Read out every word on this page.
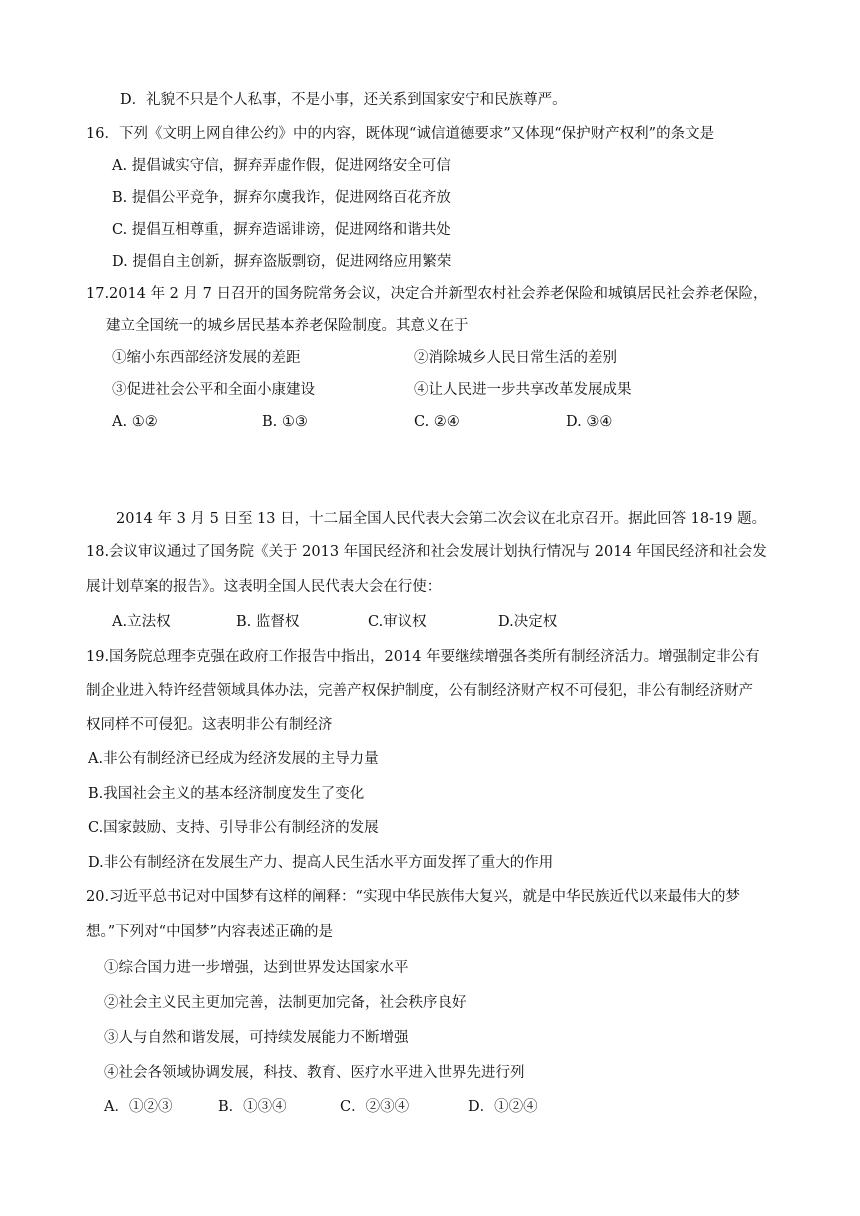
D．礼貌不只是个人私事，不是小事，还关系到国家安宁和民族尊严。
16．下列《文明上网自律公约》中的内容，既体现“诚信道德要求”又体现“保护财产权利”的条文是
A. 提倡诚实守信，摒弃弄虚作假，促进网络安全可信
B. 提倡公平竞争，摒弃尔虞我诈，促进网络百花齐放
C. 提倡互相尊重，摒弃造谣诽谤，促进网络和谐共处
D. 提倡自主创新，摒弃盗版剽窃，促进网络应用繁荣
17.2014 年 2 月 7 日召开的国务院常务会议，决定合并新型农村社会养老保险和城镇居民社会养老保险，
建立全国统一的城乡居民基本养老保险制度。其意义在于
①缩小东西部经济发展的差距	②消除城乡人民日常生活的差别
③促进社会公平和全面小康建设	④让人民进一步共享改革发展成果
A. ①②	B. ①③	C. ②④	D. ③④
2014 年 3 月 5 日至 13 日，十二届全国人民代表大会第二次会议在北京召开。据此回答 18-19 题。
18.会议审议通过了国务院《关于 2013 年国民经济和社会发展计划执行情况与 2014 年国民经济和社会发
展计划草案的报告》。这表明全国人民代表大会在行使：
A.立法权	B. 监督权	C.审议权	D.决定权
19.国务院总理李克强在政府工作报告中指出，2014 年要继续增强各类所有制经济活力。增强制定非公有
制企业进入特许经营领域具体办法，完善产权保护制度，公有制经济财产权不可侵犯，非公有制经济财产
权同样不可侵犯。这表明非公有制经济
A.非公有制经济已经成为经济发展的主导力量
B.我国社会主义的基本经济制度发生了变化
C.国家鼓励、支持、引导非公有制经济的发展
D.非公有制经济在发展生产力、提高人民生活水平方面发挥了重大的作用
20.习近平总书记对中国梦有这样的阐释：“实现中华民族伟大复兴，就是中华民族近代以来最伟大的梦
想。”下列对“中国梦”内容表述正确的是
①综合国力进一步增强，达到世界发达国家水平
②社会主义民主更加完善，法制更加完备，社会秩序良好
③人与自然和谐发展，可持续发展能力不断增强
④社会各领域协调发展，科技、教育、医疗水平进入世界先进行列
A．①②③	B．①③④	C．②③④	D．①②④
